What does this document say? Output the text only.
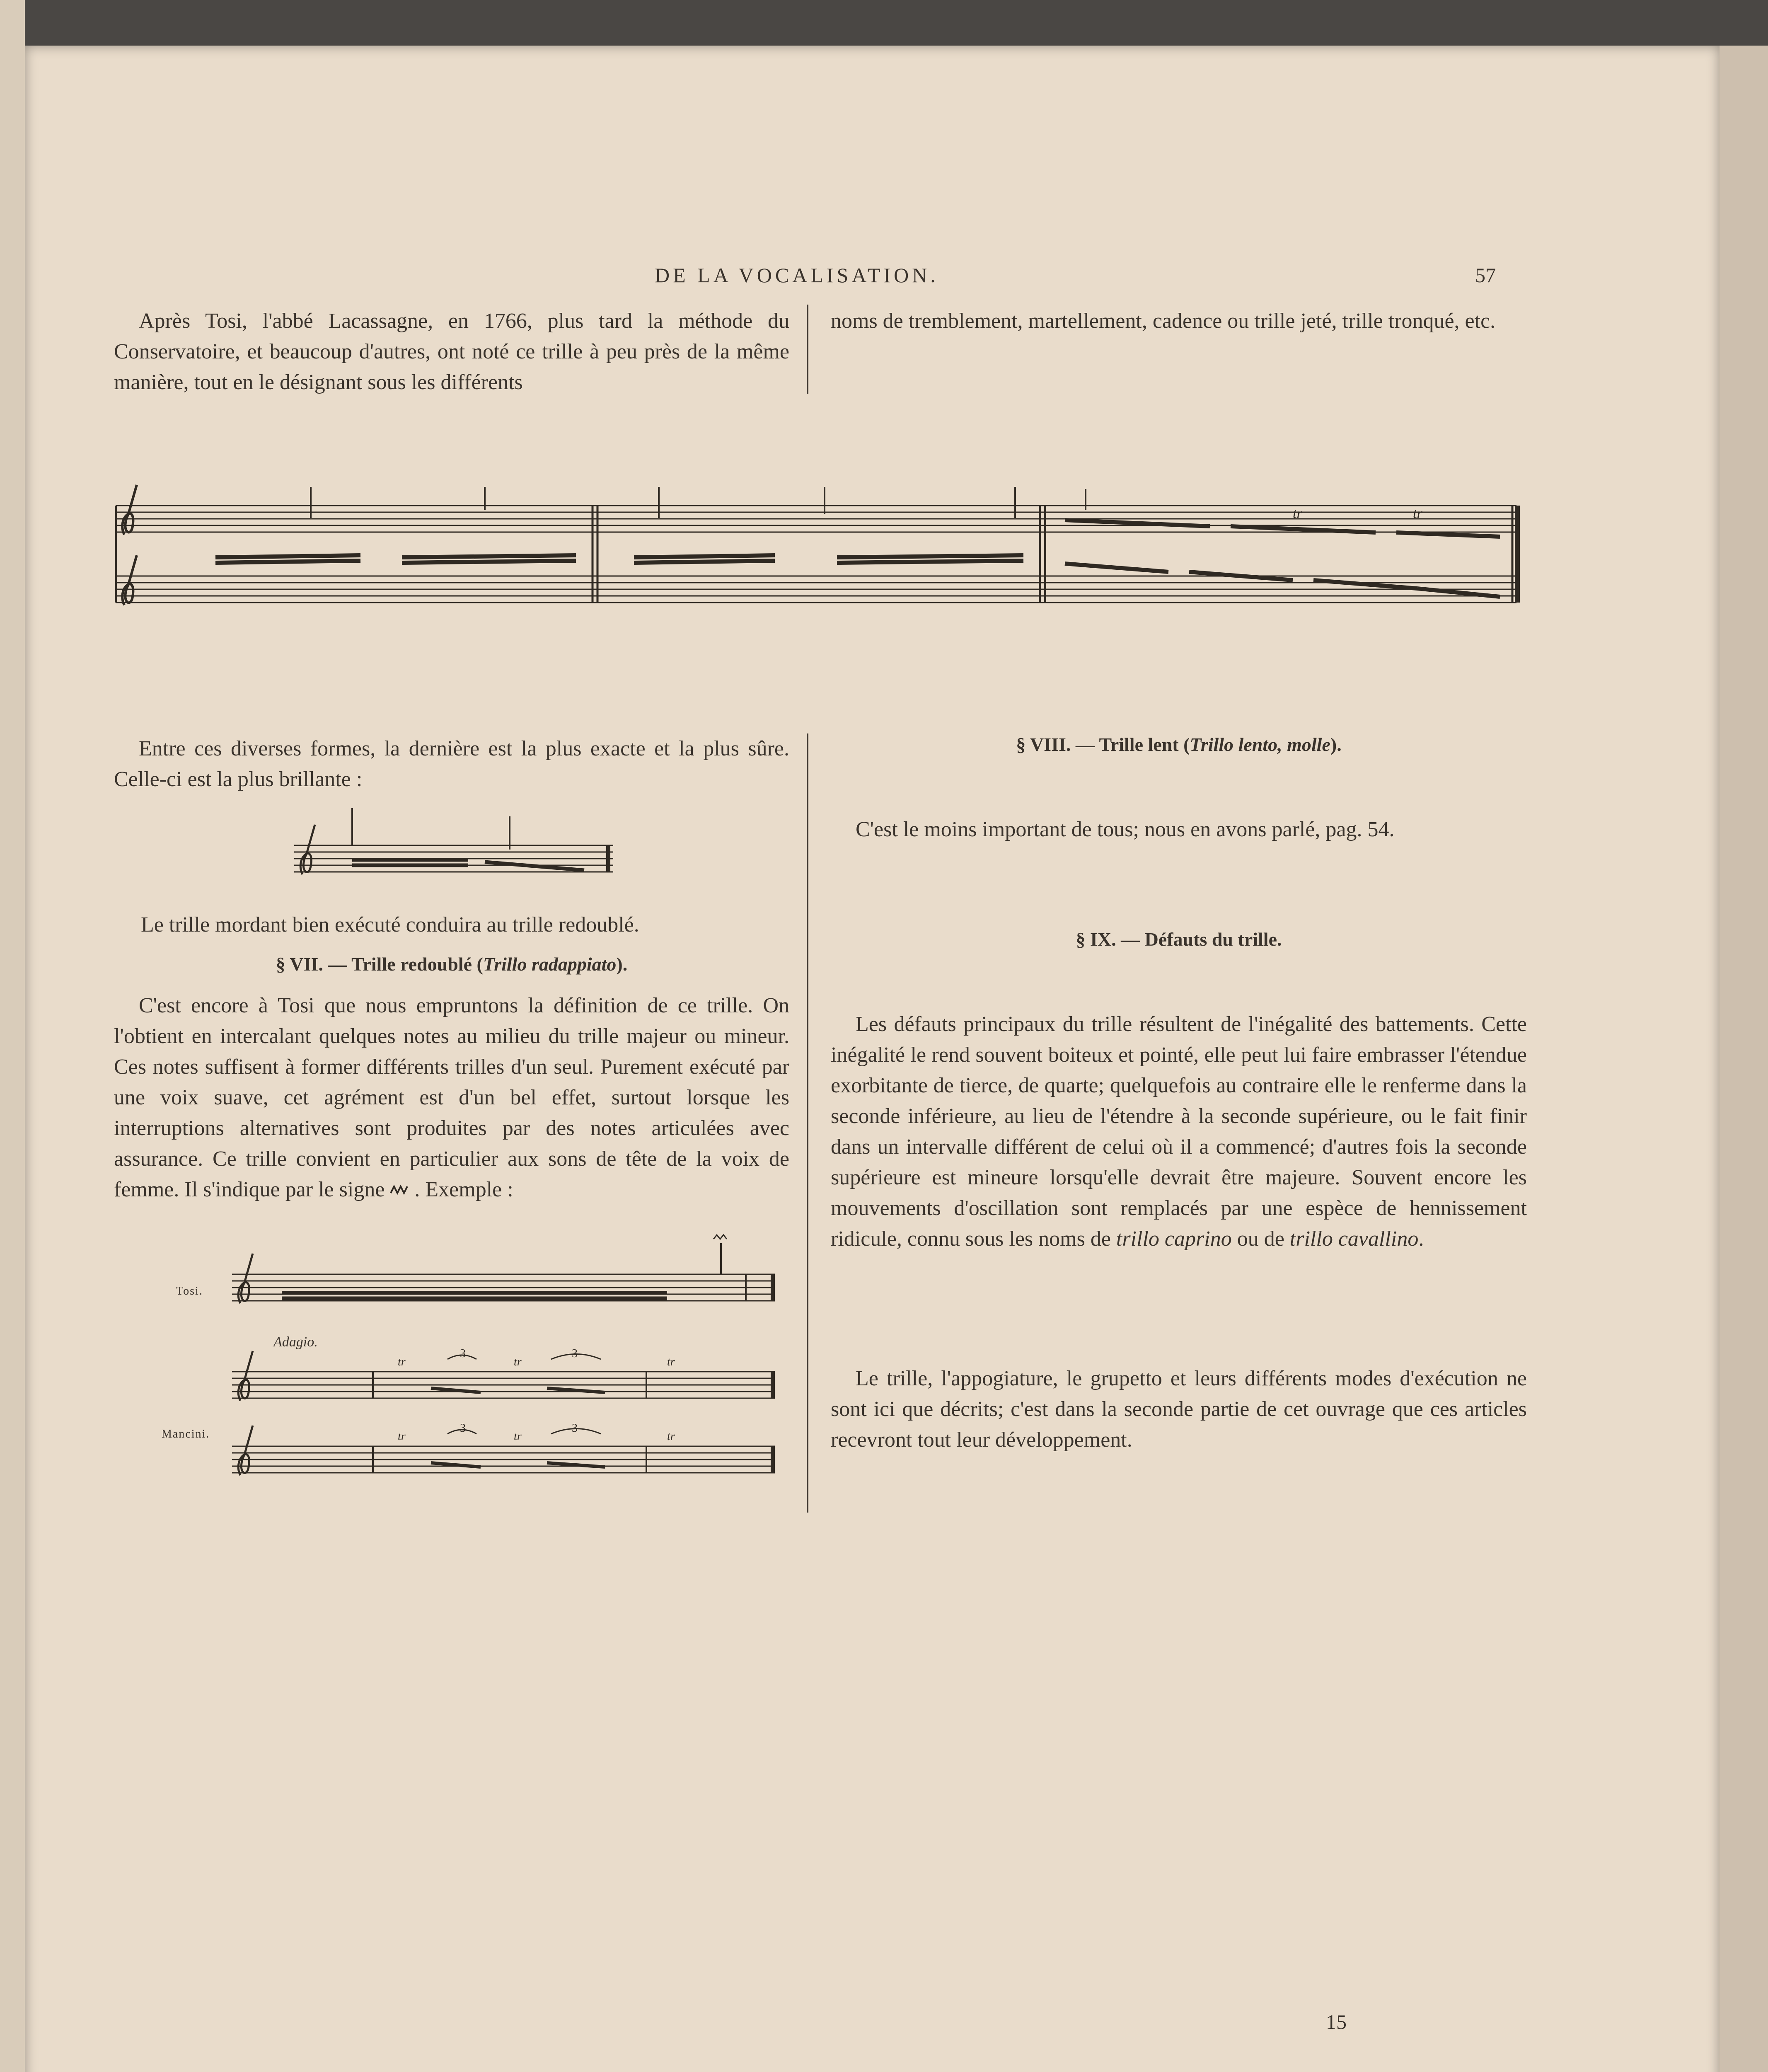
DE LA VOCALISATION.	57
Après Tosi, l'abbé Lacassagne, en 1766, plus tard la méthode du Conservatoire, et beaucoup d'autres, ont noté ce trille à peu près de la même manière, tout en le désignant sous les différents
noms de tremblement, martellement, cadence ou trille jeté, trille tronqué, etc.
tr	tr
Entre ces diverses formes, la dernière est la plus exacte et la plus sûre. Celle-ci est la plus brillante :
Le trille mordant bien exécuté conduira au trille redoublé.
§ VII. — Trille redoublé (Trillo radappiato).
C'est encore à Tosi que nous empruntons la définition de ce trille. On l'obtient en intercalant quelques notes au milieu du trille majeur ou mineur. Ces notes suffisent à former différents trilles d'un seul. Purement exécuté par une voix suave, cet agrément est d'un bel effet, surtout lorsque les interruptions alternatives sont produites par des notes articulées avec assurance. Ce trille convient en particulier aux sons de tête de la voix de femme. Il s'indique par le signe . Exemple :
Tosi.
Adagio.
3	3
tr	tr	tr
Mancini.	3	3
tr	tr	tr
§ VIII. — Trille lent (Trillo lento, molle).
C'est le moins important de tous; nous en avons parlé, pag. 54.
§ IX. — Défauts du trille.
Les défauts principaux du trille résultent de l'inégalité des battements. Cette inégalité le rend souvent boiteux et pointé, elle peut lui faire embrasser l'étendue exorbitante de tierce, de quarte; quelquefois au contraire elle le renferme dans la seconde inférieure, au lieu de l'étendre à la seconde supérieure, ou le fait finir dans un intervalle différent de celui où il a commencé; d'autres fois la seconde supérieure est mineure lorsqu'elle devrait être majeure. Souvent encore les mouvements d'oscillation sont remplacés par une espèce de hennissement ridicule, connu sous les noms de trillo caprino ou de trillo cavallino.
Le trille, l'appogiature, le grupetto et leurs différents modes d'exécution ne sont ici que décrits; c'est dans la seconde partie de cet ouvrage que ces articles recevront tout leur développement.
15
